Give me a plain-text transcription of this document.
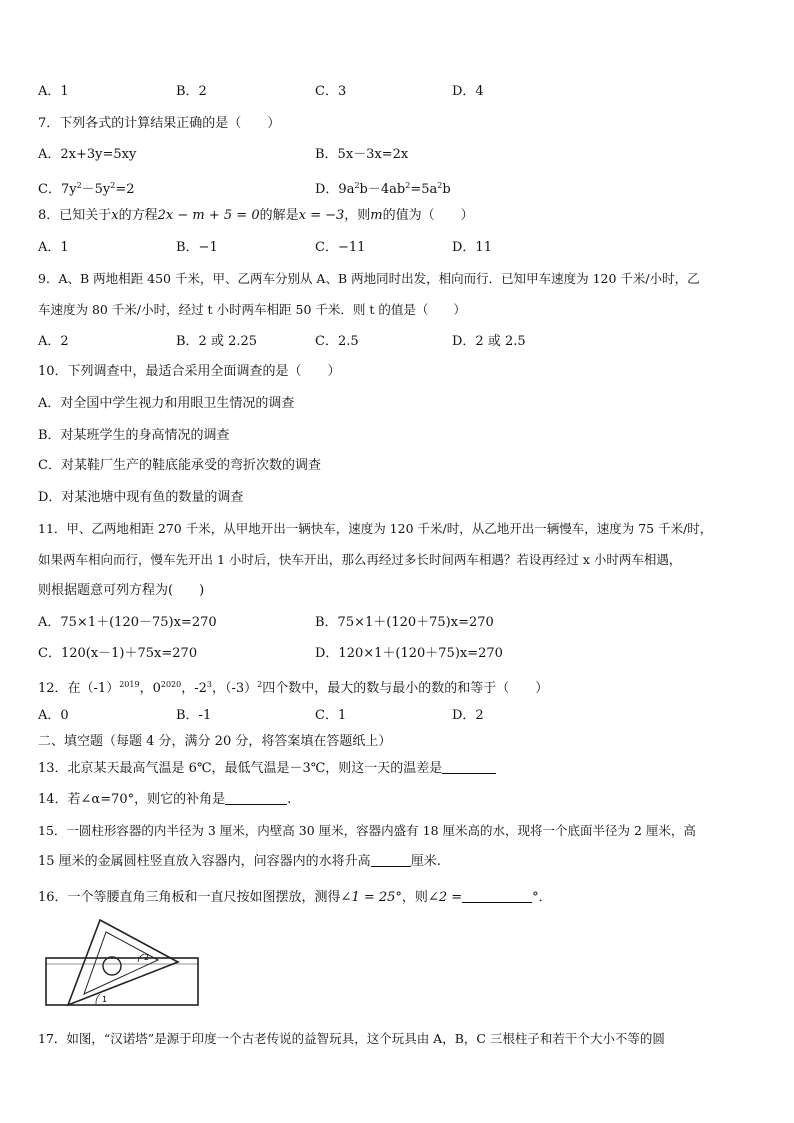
A．1	B．2	C．3	D．4
7．下列各式的计算结果正确的是（　　）
A．2x+3y=5xy	B．5x－3x=2x
C．$7y^2-5y^2=2$	D．$9a^2b-4ab^2=5a^2b$
8．已知关于x的方程2x − m + 5 = 0的解是x = −3，则m的值为（　　）
A．1	B．−1	C．−11	D．11
9．A、B 两地相距 450 千米，甲、乙两车分别从 A、B 两地同时出发，相向而行．已知甲车速度为 120 千米/小时，乙
车速度为 80 千米/小时，经过 t 小时两车相距 50 千米．则 t 的值是（　　）
A．2	B．2 或 2.25	C．2.5	D．2 或 2.5
10．下列调查中，最适合采用全面调查的是（　　）
A．对全国中学生视力和用眼卫生情况的调查
B．对某班学生的身高情况的调查
C．对某鞋厂生产的鞋底能承受的弯折次数的调查
D．对某池塘中现有鱼的数量的调查
11．甲、乙两地相距 270 千米，从甲地开出一辆快车，速度为 120 千米/时，从乙地开出一辆慢车，速度为 75 千米/时，
如果两车相向而行，慢车先开出 1 小时后，快车开出，那么再经过多长时间两车相遇？若设再经过 x 小时两车相遇，
则根据题意可列方程为(　　)
A．75×1＋(120－75)x=270	B．75×1＋(120＋75)x=270
C．120(x－1)＋75x=270	D．120×1＋(120＋75)x=270
12．在$(-1)^{2019}$，$0^{2020}$，$-2^3$，$(-3)^2$四个数中，最大的数与最小的数的和等于（　　）
A．0	B．-1	C．1	D．2
二、填空题（每题 4 分，满分 20 分，将答案填在答题纸上）
13．北京某天最高气温是 6℃，最低气温是－3℃，则这一天的温差是
14．若∠α=70°，则它的补角是	.
15．一圆柱形容器的内半径为 3 厘米，内壁高 30 厘米，容器内盛有 18 厘米高的水，现将一个底面半径为 2 厘米，高
15 厘米的金属圆柱竖直放入容器内，问容器内的水将升高	厘米.
16．一个等腰直角三角板和一直尺按如图摆放，测得∠1 = 25°，则∠2 =	°．
2
1
17．如图，“汉诺塔”是源于印度一个古老传说的益智玩具，这个玩具由 A，B，C 三根柱子和若干个大小不等的圆
